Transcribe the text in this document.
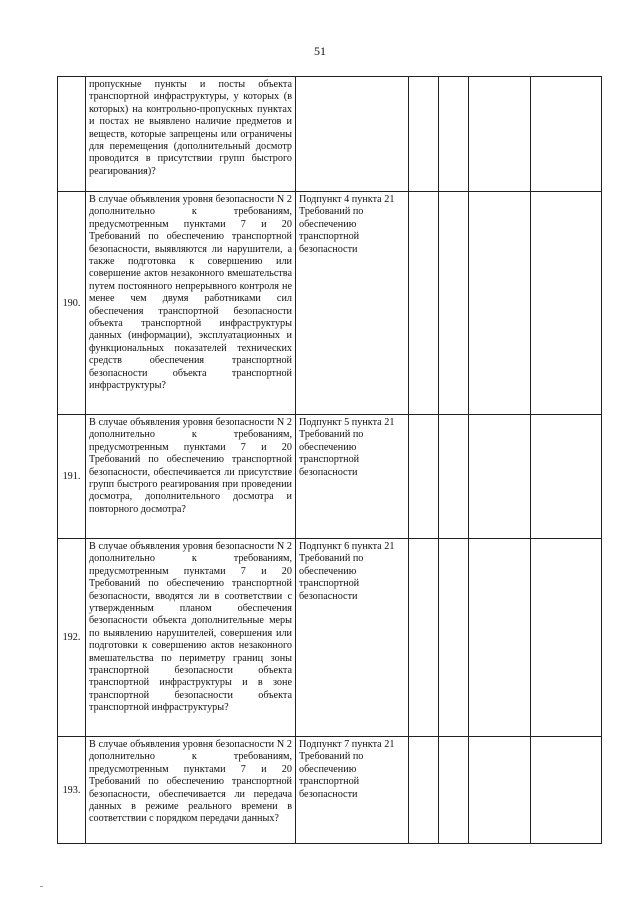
51

	пропускные пункты и посты объекта транспортной инфраструктуры, у которых (в которых) на контрольно-пропускных пунктах и постах не выявлено наличие предметов и веществ, которые запрещены или ограничены для перемещения (дополнительный досмотр проводится в присутствии групп быстрого реагирования)?					

190.	В случае объявления уровня безопасности N 2 дополнительно к требованиям, предусмотренным пунктами 7 и 20 Требований по обеспечению транспортной безопасности, выявляются ли нарушители, а также подготовка к совершению или совершение актов незаконного вмешательства путем постоянного непрерывного контроля не менее чем двумя работниками сил обеспечения транспортной безопасности объекта транспортной инфраструктуры данных (информации), эксплуатационных и функциональных показателей технических средств обеспечения транспортной безопасности объекта транспортной инфраструктуры?	Подпункт 4 пункта 21 Требований по обеспечению транспортной безопасности				

191.	В случае объявления уровня безопасности N 2 дополнительно к требованиям, предусмотренным пунктами 7 и 20 Требований по обеспечению транспортной безопасности, обеспечивается ли присутствие групп быстрого реагирования при проведении досмотра, дополнительного досмотра и повторного досмотра?	Подпункт 5 пункта 21 Требований по обеспечению транспортной безопасности				

192.	В случае объявления уровня безопасности N 2 дополнительно к требованиям, предусмотренным пунктами 7 и 20 Требований по обеспечению транспортной безопасности, вводятся ли в соответствии с утвержденным планом обеспечения безопасности объекта дополнительные меры по выявлению нарушителей, совершения или подготовки к совершению актов незаконного вмешательства по периметру границ зоны транспортной безопасности объекта транспортной инфраструктуры и в зоне транспортной безопасности объекта транспортной инфраструктуры?	Подпункт 6 пункта 21 Требований по обеспечению транспортной безопасности				

193.	В случае объявления уровня безопасности N 2 дополнительно к требованиям, предусмотренным пунктами 7 и 20 Требований по обеспечению транспортной безопасности, обеспечивается ли передача данных в режиме реального времени в соответствии с порядком передачи данных?	Подпункт 7 пункта 21 Требований по обеспечению транспортной безопасности				
